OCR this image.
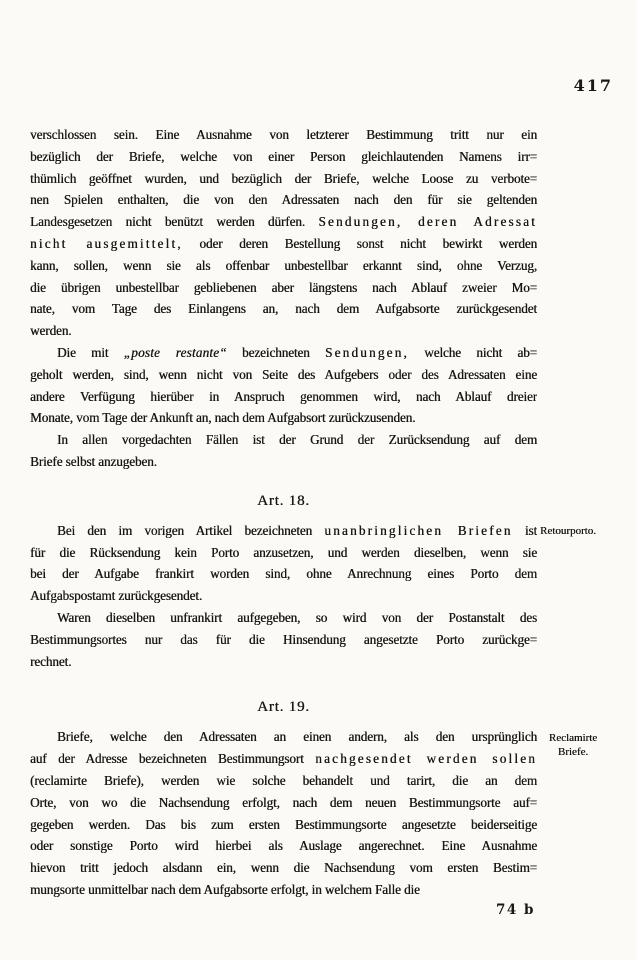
417
verschlossen sein. Eine Ausnahme von letzterer Bestimmung tritt nur ein
bezüglich der Briefe, welche von einer Person gleichlautenden Namens irr=
thümlich geöffnet wurden, und bezüglich der Briefe, welche Loose zu verbote=
nen Spielen enthalten, die von den Adressaten nach den für sie geltenden
Landesgesetzen nicht benützt werden dürfen. Sendungen, deren Adressat
nicht ausgemittelt, oder deren Bestellung sonst nicht bewirkt werden
kann, sollen, wenn sie als offenbar unbestellbar erkannt sind, ohne Verzug,
die übrigen unbestellbar gebliebenen aber längstens nach Ablauf zweier Mo=
nate, vom Tage des Einlangens an, nach dem Aufgabsorte zurückgesendet
werden.
Die mit „poste restante“ bezeichneten Sendungen, welche nicht ab=
geholt werden, sind, wenn nicht von Seite des Aufgebers oder des Adressaten eine
andere Verfügung hierüber in Anspruch genommen wird, nach Ablauf dreier
Monate, vom Tage der Ankunft an, nach dem Aufgabsort zurückzusenden.
In allen vorgedachten Fällen ist der Grund der Zurücksendung auf dem
Briefe selbst anzugeben.
Art. 18.
Bei den im vorigen Artikel bezeichneten unanbringlichen Briefen ist
für die Rücksendung kein Porto anzusetzen, und werden dieselben, wenn sie
bei der Aufgabe frankirt worden sind, ohne Anrechnung eines Porto dem
Aufgabspostamt zurückgesendet.
Waren dieselben unfrankirt aufgegeben, so wird von der Postanstalt des
Bestimmungsortes nur das für die Hinsendung angesetzte Porto zurückge=
rechnet.
Art. 19.
Briefe, welche den Adressaten an einen andern, als den ursprünglich
auf der Adresse bezeichneten Bestimmungsort nachgesendet werden sollen
(reclamirte Briefe), werden wie solche behandelt und tarirt, die an dem
Orte, von wo die Nachsendung erfolgt, nach dem neuen Bestimmungsorte auf=
gegeben werden. Das bis zum ersten Bestimmungsorte angesetzte beiderseitige
oder sonstige Porto wird hierbei als Auslage angerechnet. Eine Ausnahme
hievon tritt jedoch alsdann ein, wenn die Nachsendung vom ersten Bestim=
mungsorte unmittelbar nach dem Aufgabsorte erfolgt, in welchem Falle die
Retourporto.
Reclamirte
Briefe.
74 b
